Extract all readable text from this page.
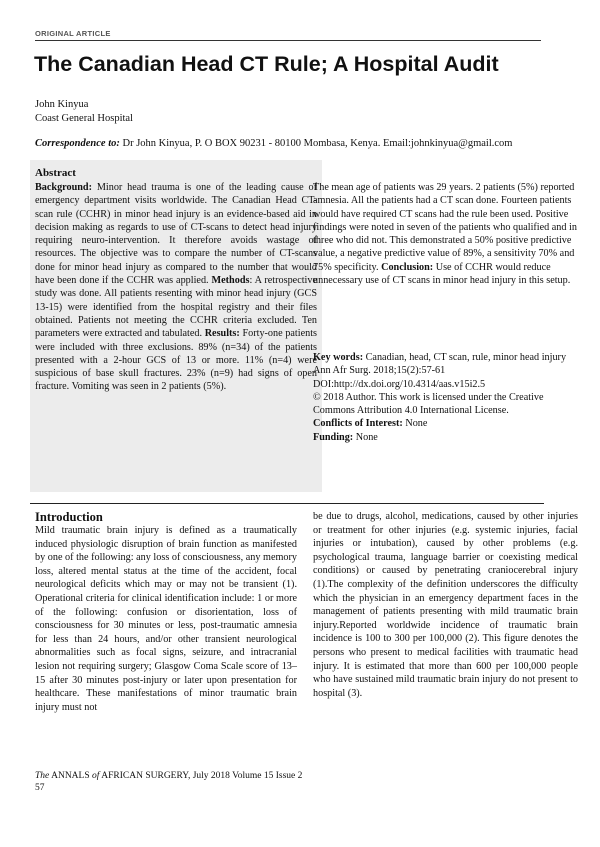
ORIGINAL ARTICLE
The Canadian Head CT Rule; A Hospital Audit
John Kinyua
Coast General Hospital
Correspondence to: Dr John Kinyua, P. O BOX 90231 - 80100 Mombasa, Kenya. Email:johnkinyua@gmail.com
Abstract
Background: Minor head trauma is one of the leading cause of emergency department visits worldwide. The Canadian Head CT-scan rule (CCHR) in minor head injury is an evidence-based aid in decision making as regards to use of CT-scans to detect head injury requiring neuro-intervention. It therefore avoids wastage of resources. The objective was to compare the number of CT-scans done for minor head injury as compared to the number that would have been done if the CCHR was applied. Methods: A retrospective study was done. All patients resenting with minor head injury (GCS 13-15) were identified from the hospital registry and their files obtained. Patients not meeting the CCHR criteria excluded. Ten parameters were extracted and tabulated. Results: Forty-one patients were included with three exclusions. 89% (n=34) of the patients presented with a 2-hour GCS of 13 or more. 11% (n=4) were suspicious of base skull fractures. 23% (n=9) had signs of open fracture. Vomiting was seen in 2 patients (5%).
The mean age of patients was 29 years. 2 patients (5%) reported amnesia. All the patients had a CT scan done. Fourteen patients would have required CT scans had the rule been used. Positive findings were noted in seven of the patients who qualified and in three who did not. This demonstrated a 50% positive predictive value, a negative predictive value of 89%, a sensitivity 70% and 75% specificity. Conclusion: Use of CCHR would reduce unnecessary use of CT scans in minor head injury in this setup.
Key words: Canadian, head, CT scan, rule, minor head injury
Ann Afr Surg. 2018;15(2):57-61
DOI:http://dx.doi.org/10.4314/aas.v15i2.5
© 2018 Author. This work is licensed under the Creative Commons Attribution 4.0 International License.
Conflicts of Interest: None
Funding: None
Introduction
Mild traumatic brain injury is defined as a traumatically induced physiologic disruption of brain function as manifested by one of the following: any loss of consciousness, any memory loss, altered mental status at the time of the accident, focal neurological deficits which may or may not be transient (1). Operational criteria for clinical identification include: 1 or more of the following: confusion or disorientation, loss of consciousness for 30 minutes or less, post-traumatic amnesia for less than 24 hours, and/or other transient neurological abnormalities such as focal signs, seizure, and intracranial lesion not requiring surgery; Glasgow Coma Scale score of 13–15 after 30 minutes post-injury or later upon presentation for healthcare. These manifestations of minor traumatic brain injury must not
be due to drugs, alcohol, medications, caused by other injuries or treatment for other injuries (e.g. systemic injuries, facial injuries or intubation), caused by other problems (e.g. psychological trauma, language barrier or coexisting medical conditions) or caused by penetrating craniocerebral injury (1).The complexity of the definition underscores the difficulty which the physician in an emergency department faces in the management of patients presenting with mild traumatic brain injury.Reported worldwide incidence of traumatic brain incidence is 100 to 300 per 100,000 (2). This figure denotes the persons who present to medical facilities with traumatic head injury. It is estimated that more than 600 per 100,000 people who have sustained mild traumatic brain injury do not present to hospital (3).
The ANNALS of AFRICAN SURGERY, July 2018 Volume 15 Issue 2
57
